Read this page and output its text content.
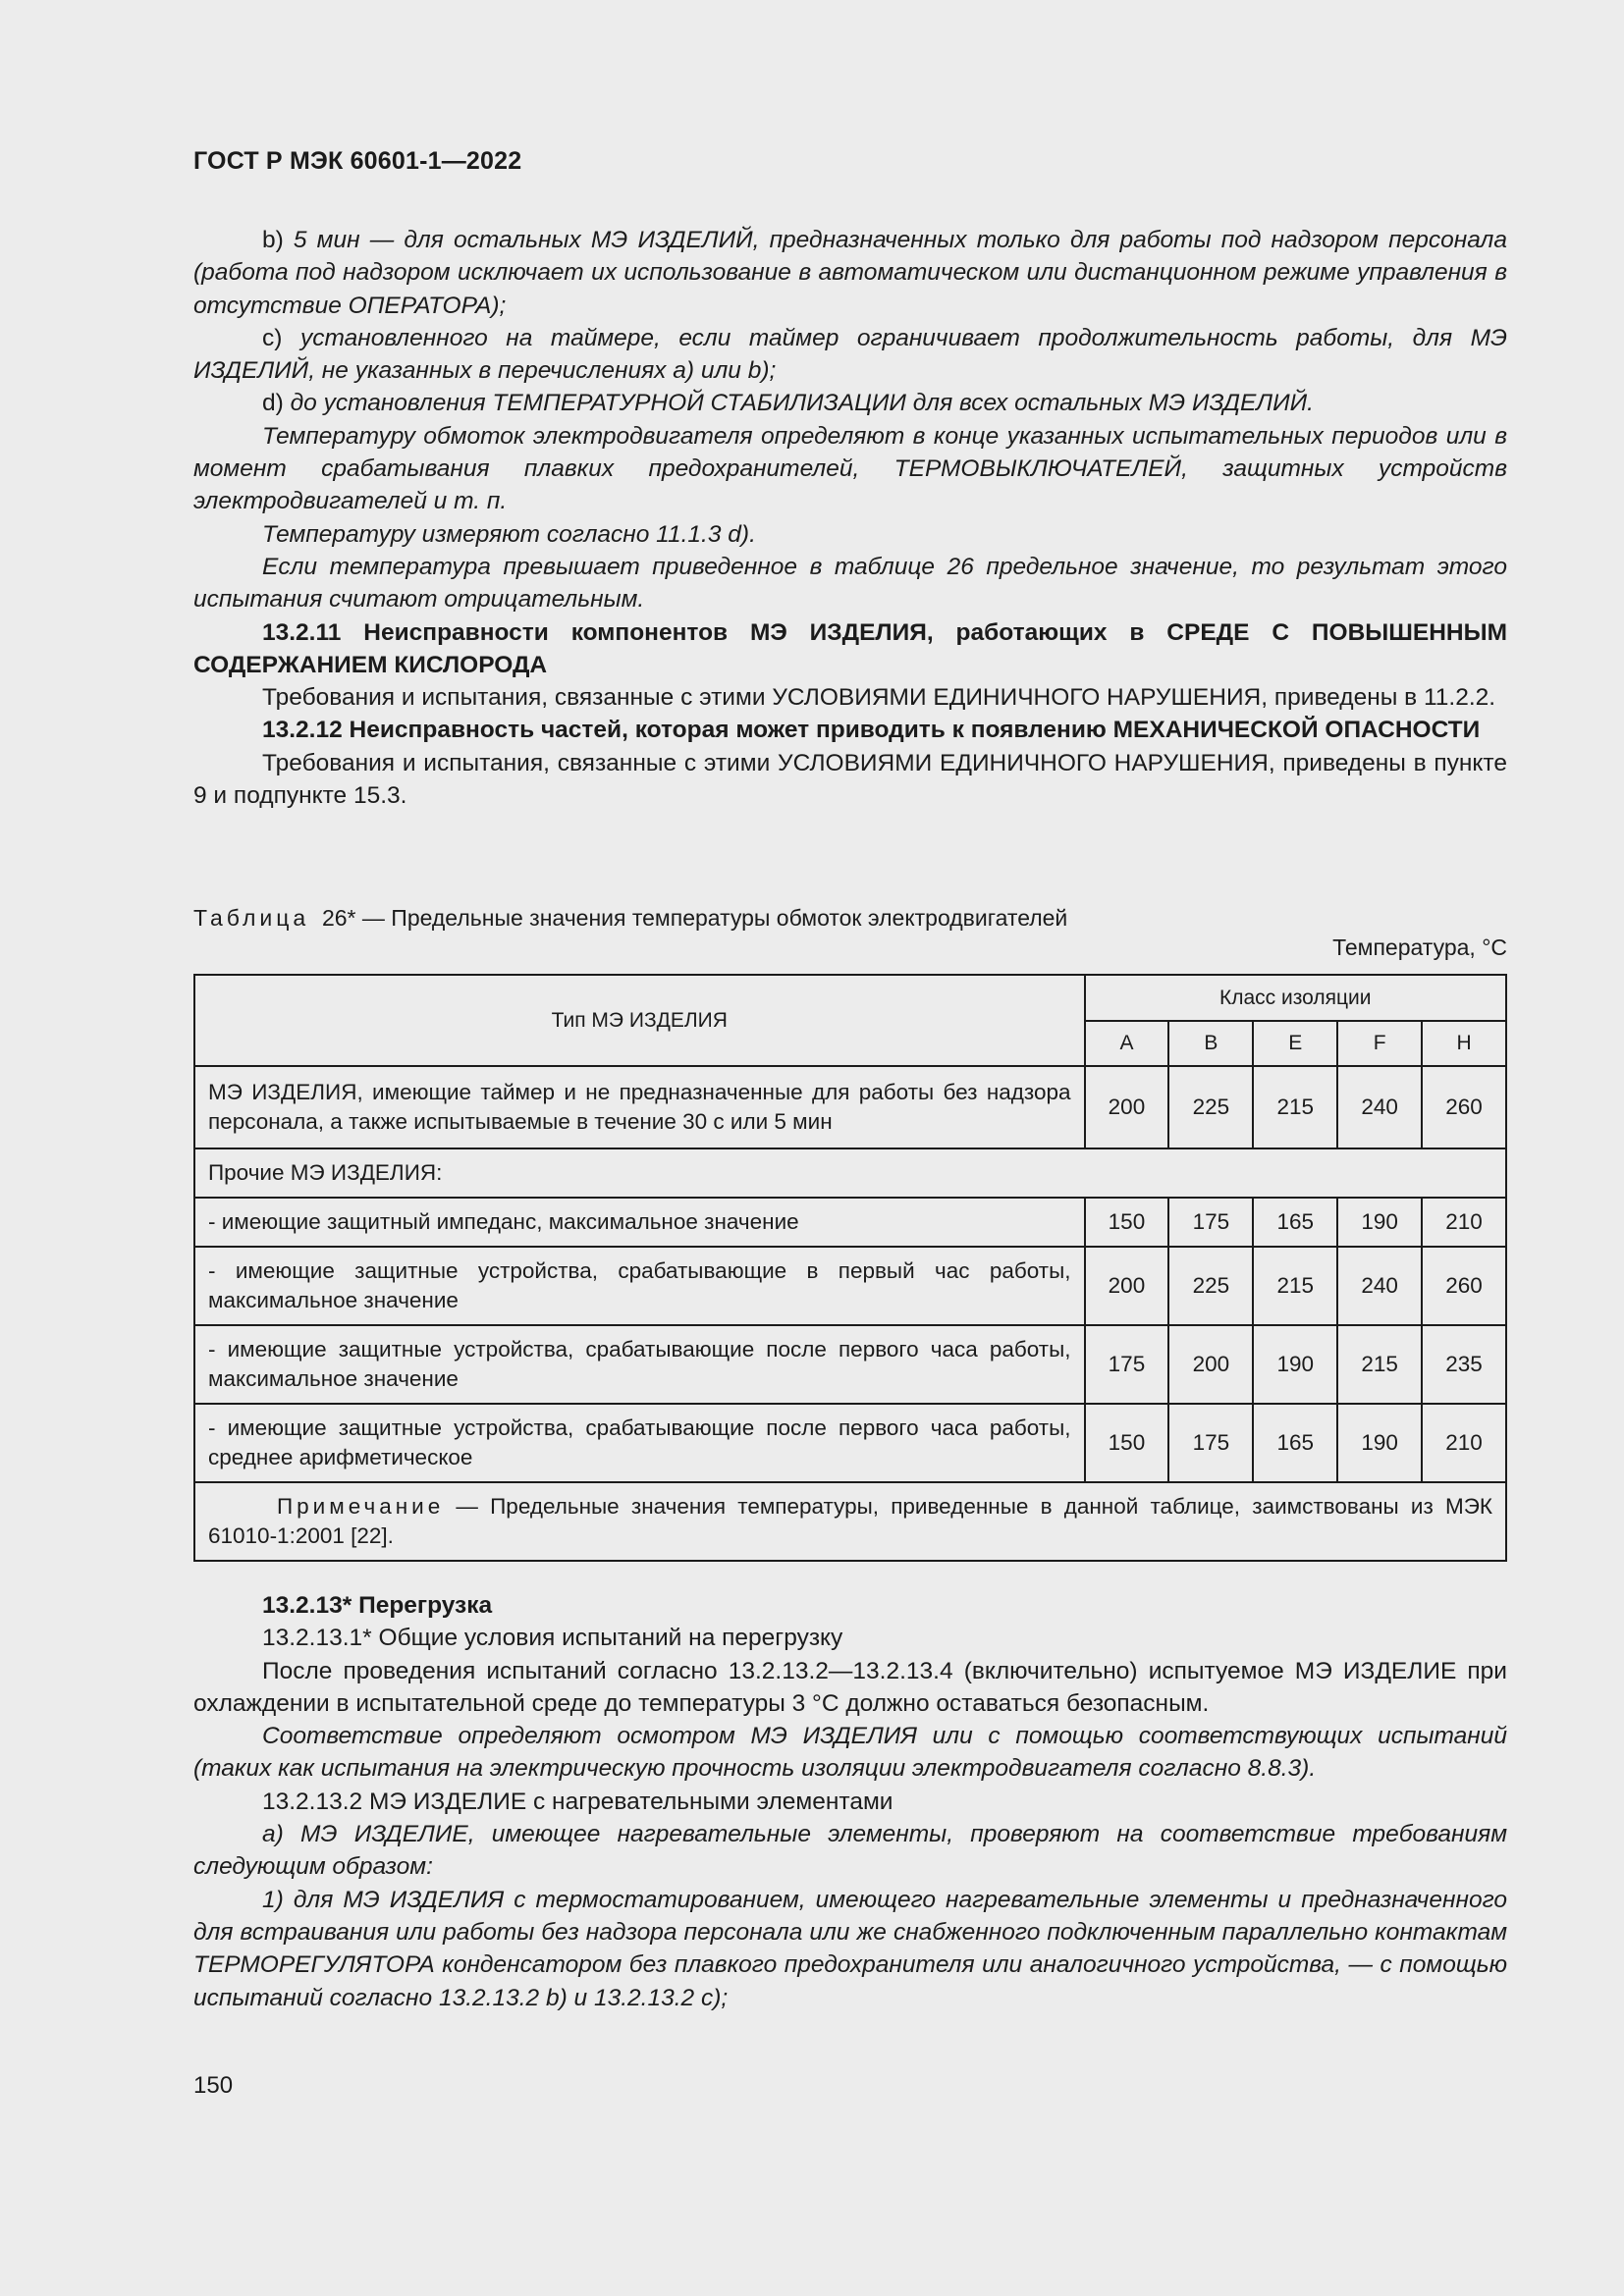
ГОСТ Р МЭК 60601-1—2022

b) 5 мин — для остальных МЭ ИЗДЕЛИЙ, предназначенных только для работы под надзором персонала (работа под надзором исключает их использование в автоматическом или дистанционном режиме управления в отсутствие ОПЕРАТОРА);

c) установленного на таймере, если таймер ограничивает продолжительность работы, для МЭ ИЗДЕЛИЙ, не указанных в перечислениях а) или b);

d) до установления ТЕМПЕРАТУРНОЙ СТАБИЛИЗАЦИИ для всех остальных МЭ ИЗДЕЛИЙ.

Температуру обмоток электродвигателя определяют в конце указанных испытательных периодов или в момент срабатывания плавких предохранителей, ТЕРМОВЫКЛЮЧАТЕЛЕЙ, защитных устройств электродвигателей и т. п.

Температуру измеряют согласно 11.1.3 d).

Если температура превышает приведенное в таблице 26 предельное значение, то результат этого испытания считают отрицательным.

13.2.11 Неисправности компонентов МЭ ИЗДЕЛИЯ, работающих в СРЕДЕ С ПОВЫШЕННЫМ СОДЕРЖАНИЕМ КИСЛОРОДА

Требования и испытания, связанные с этими УСЛОВИЯМИ ЕДИНИЧНОГО НАРУШЕНИЯ, приведены в 11.2.2.

13.2.12 Неисправность частей, которая может приводить к появлению МЕХАНИЧЕСКОЙ ОПАСНОСТИ

Требования и испытания, связанные с этими УСЛОВИЯМИ ЕДИНИЧНОГО НАРУШЕНИЯ, приведены в пункте 9 и подпункте 15.3.

Таблица 26* — Предельные значения температуры обмоток электродвигателей
Температура, °C
Тип МЭ ИЗДЕЛИЯ	Класс изоляции				
	A	B	E	F	H
МЭ ИЗДЕЛИЯ, имеющие таймер и не предназначенные для работы без надзора персонала, а также испытываемые в течение 30 с или 5 мин	200	225	215	240	260
Прочие МЭ ИЗДЕЛИЯ:					
- имеющие защитный импеданс, максимальное значение	150	175	165	190	210
- имеющие защитные устройства, срабатывающие в первый час работы, максимальное значение	200	225	215	240	260
- имеющие защитные устройства, срабатывающие после первого часа работы, максимальное значение	175	200	190	215	235
- имеющие защитные устройства, срабатывающие после первого часа работы, среднее арифметическое	150	175	165	190	210
Примечание — Предельные значения температуры, приведенные в данной таблице, заимствованы из МЭК 61010-1:2001 [22].					

13.2.13* Перегрузка

13.2.13.1* Общие условия испытаний на перегрузку

После проведения испытаний согласно 13.2.13.2—13.2.13.4 (включительно) испытуемое МЭ ИЗДЕЛИЕ при охлаждении в испытательной среде до температуры 3 °C должно оставаться безопасным.

Соответствие определяют осмотром МЭ ИЗДЕЛИЯ или с помощью соответствующих испытаний (таких как испытания на электрическую прочность изоляции электродвигателя согласно 8.8.3).

13.2.13.2 МЭ ИЗДЕЛИЕ с нагревательными элементами

а) МЭ ИЗДЕЛИЕ, имеющее нагревательные элементы, проверяют на соответствие требованиям следующим образом:

1) для МЭ ИЗДЕЛИЯ с термостатированием, имеющего нагревательные элементы и предназначенного для встраивания или работы без надзора персонала или же снабженного подключенным параллельно контактам ТЕРМОРЕГУЛЯТОРА конденсатором без плавкого предохранителя или аналогичного устройства, — с помощью испытаний согласно 13.2.13.2 b) и 13.2.13.2 c);

150
